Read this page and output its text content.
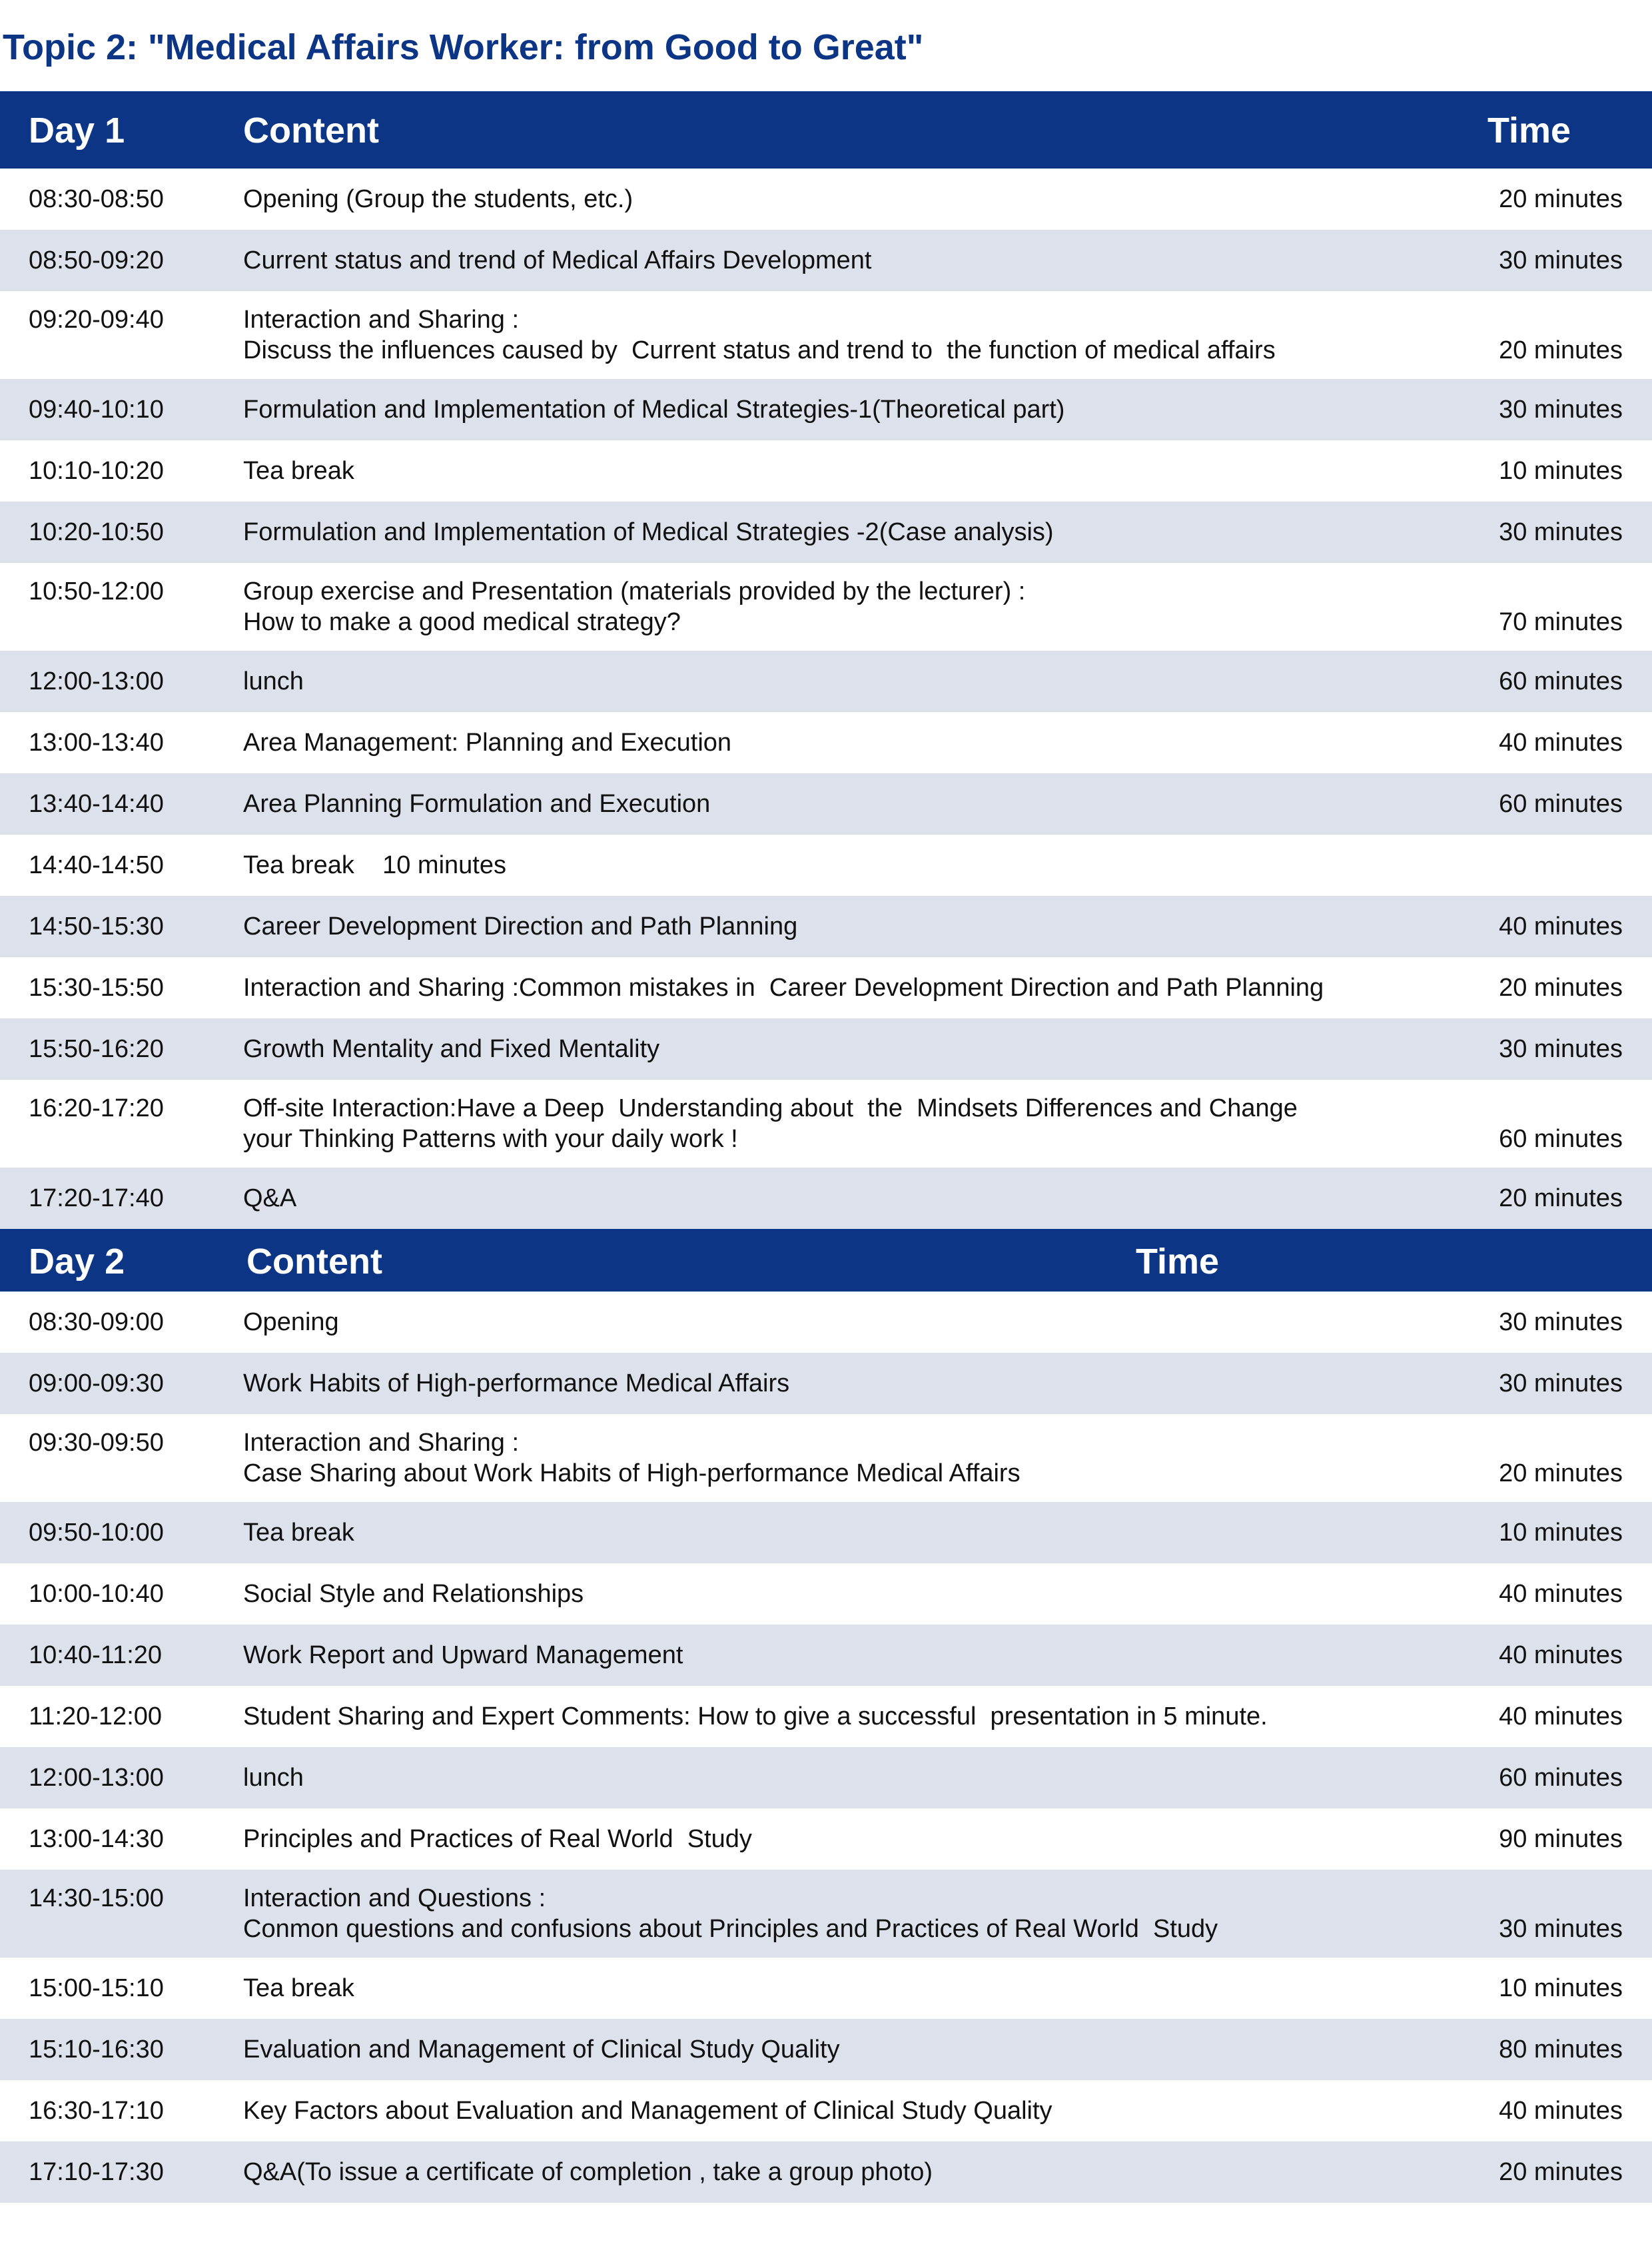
Topic 2: "Medical Affairs Worker: from Good to Great"
Day 1	Content	Time
08:30-08:50	Opening (Group the students, etc.)	20 minutes
08:50-09:20	Current status and trend of Medical Affairs Development	30 minutes
09:20-09:40	Interaction and Sharing :
Discuss the influences caused by  Current status and trend to  the function of medical affairs	20 minutes
09:40-10:10	Formulation and Implementation of Medical Strategies-1(Theoretical part)	30 minutes
10:10-10:20	Tea break	10 minutes
10:20-10:50	Formulation and Implementation of Medical Strategies -2(Case analysis)	30 minutes
10:50-12:00	Group exercise and Presentation (materials provided by the lecturer) :
How to make a good medical strategy?	70 minutes
12:00-13:00	lunch	60 minutes
13:00-13:40	Area Management: Planning and Execution	40 minutes
13:40-14:40	Area Planning Formulation and Execution	60 minutes
14:40-14:50	Tea break    10 minutes
14:50-15:30	Career Development Direction and Path Planning	40 minutes
15:30-15:50	Interaction and Sharing :Common mistakes in  Career Development Direction and Path Planning	20 minutes
15:50-16:20	Growth Mentality and Fixed Mentality	30 minutes
16:20-17:20	Off-site Interaction:Have a Deep  Understanding about  the  Mindsets Differences and Change
your Thinking Patterns with your daily work !	60 minutes
17:20-17:40	Q&A	20 minutes
Day 2	Content	Time
08:30-09:00	Opening	30 minutes
09:00-09:30	Work Habits of High-performance Medical Affairs	30 minutes
09:30-09:50	Interaction and Sharing :
Case Sharing about Work Habits of High-performance Medical Affairs	20 minutes
09:50-10:00	Tea break	10 minutes
10:00-10:40	Social Style and Relationships	40 minutes
10:40-11:20	Work Report and Upward Management	40 minutes
11:20-12:00	Student Sharing and Expert Comments: How to give a successful  presentation in 5 minute.	40 minutes
12:00-13:00	lunch	60 minutes
13:00-14:30	Principles and Practices of Real World  Study	90 minutes
14:30-15:00	Interaction and Questions :
Conmon questions and confusions about Principles and Practices of Real World  Study	30 minutes
15:00-15:10	Tea break	10 minutes
15:10-16:30	Evaluation and Management of Clinical Study Quality	80 minutes
16:30-17:10	Key Factors about Evaluation and Management of Clinical Study Quality	40 minutes
17:10-17:30	Q&A(To issue a certificate of completion , take a group photo)	20 minutes
